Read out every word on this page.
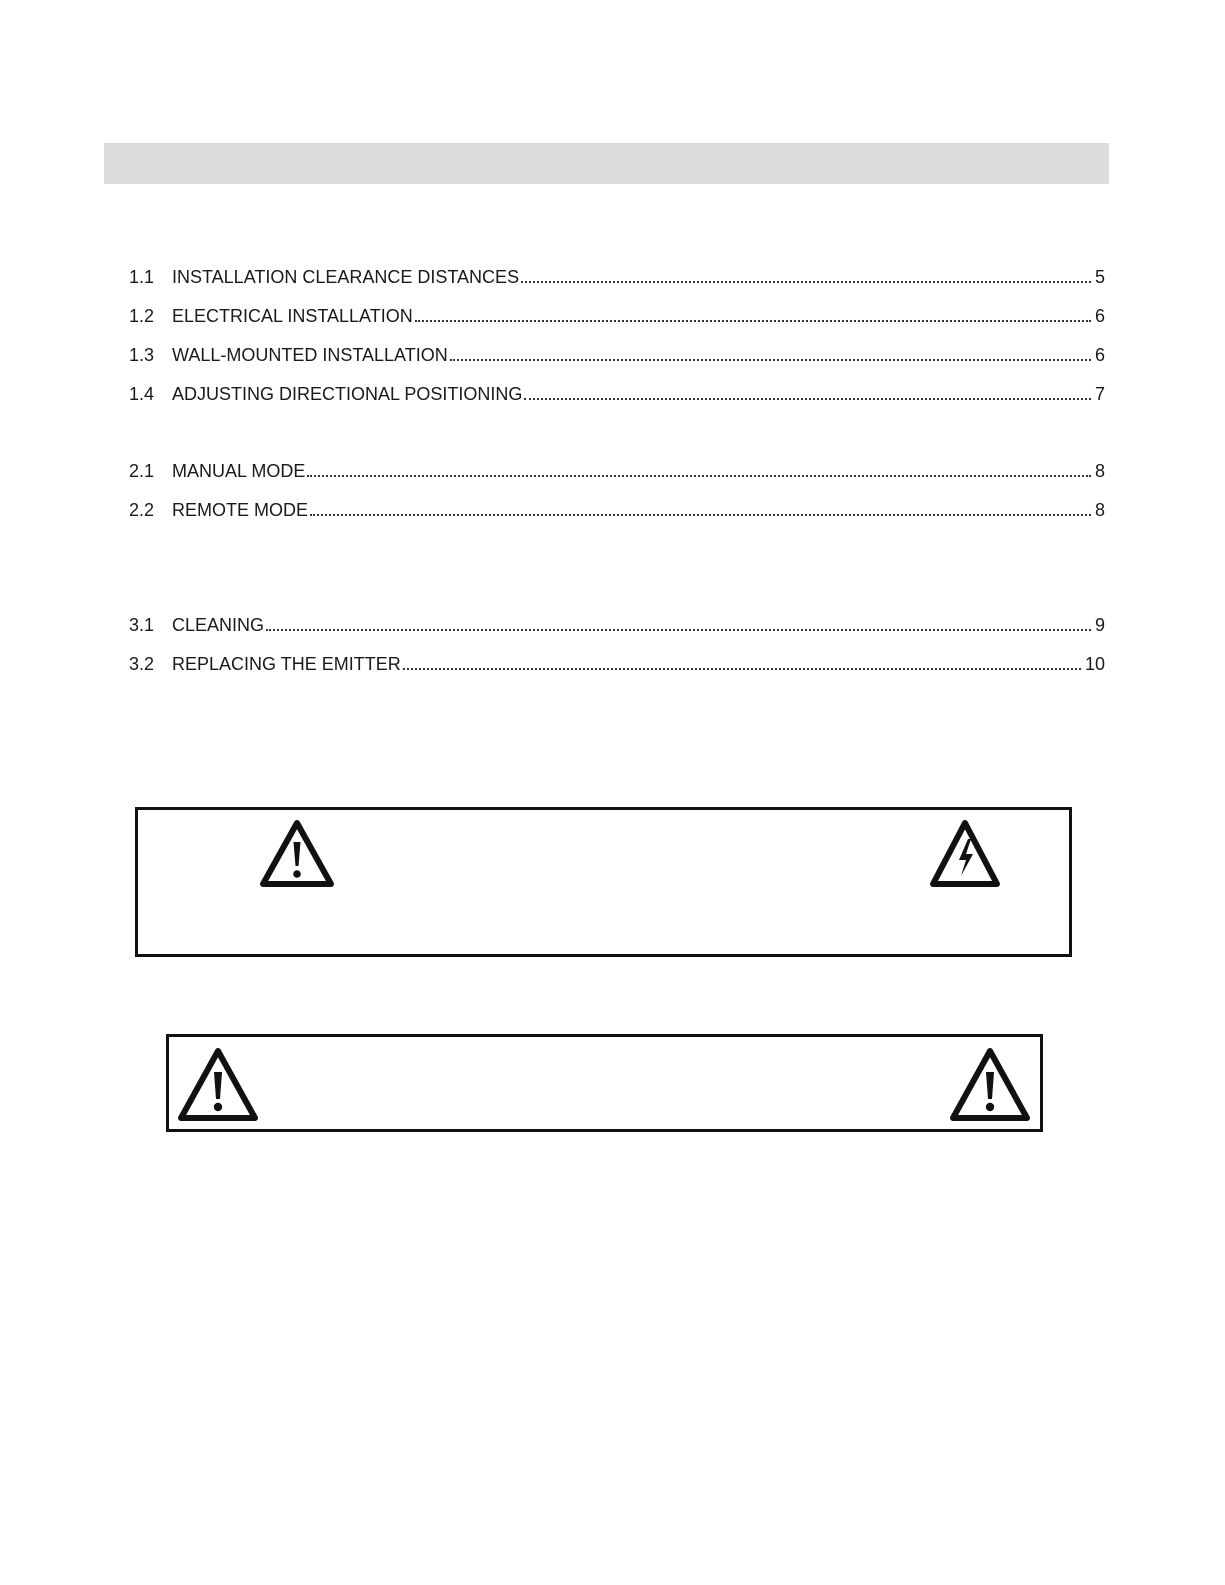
1.1 INSTALLATION CLEARANCE DISTANCES	5
1.2 ELECTRICAL INSTALLATION	6
1.3 WALL-MOUNTED INSTALLATION	6
1.4 ADJUSTING DIRECTIONAL POSITIONING	7
2.1 MANUAL MODE	8
2.2 REMOTE MODE	8
3.1 CLEANING	9
3.2 REPLACING THE EMITTER	10
